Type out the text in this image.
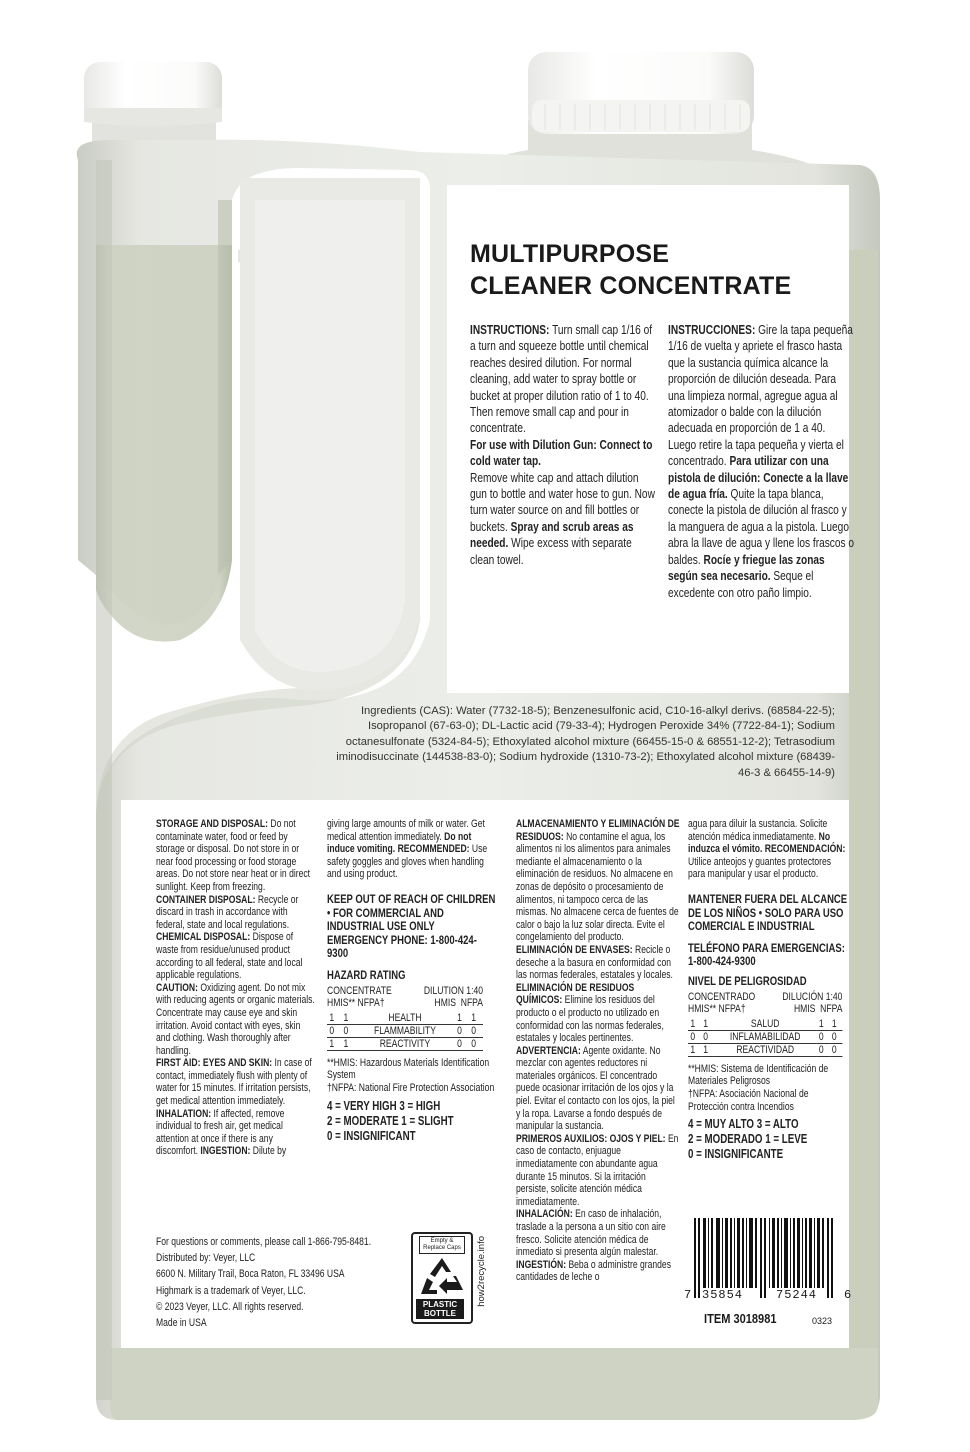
MULTIPURPOSE
CLEANER CONCENTRATE
INSTRUCTIONS: Turn small cap 1/16 of a turn and squeeze bottle until chemical reaches desired dilution. For normal cleaning, add water to spray bottle or bucket at proper dilution ratio of 1 to 40. Then remove small cap and pour in concentrate.
For use with Dilution Gun: Connect to cold water tap.
Remove white cap and attach dilution gun to bottle and water hose to gun. Now turn water source on and fill bottles or buckets. Spray and scrub areas as needed. Wipe excess with separate clean towel.
INSTRUCCIONES: Gire la tapa pequeña 1/16 de vuelta y apriete el frasco hasta que la sustancia química alcance la proporción de dilución deseada. Para una limpieza normal, agregue agua al atomizador o balde con la dilución adecuada en proporción de 1 a 40. Luego retire la tapa pequeña y vierta el concentrado. Para utilizar con una pistola de dilución: Conecte a la llave de agua fría. Quite la tapa blanca, conecte la pistola de dilución al frasco y la manguera de agua a la pistola. Luego abra la llave de agua y llene los frascos o baldes. Rocíe y friegue las zonas según sea necesario. Seque el excedente con otro paño limpio.
Ingredients (CAS): Water (7732-18-5); Benzenesulfonic acid, C10-16-alkyl derivs. (68584-22-5); Isopropanol (67-63-0); DL-Lactic acid (79-33-4); Hydrogen Peroxide 34% (7722-84-1); Sodium octanesulfonate (5324-84-5); Ethoxylated alcohol mixture (66455-15-0 & 68551-12-2); Tetrasodium iminodisuccinate (144538-83-0); Sodium hydroxide (1310-73-2); Ethoxylated alcohol mixture (68439-46-3 & 66455-14-9)

STORAGE AND DISPOSAL: Do not contaminate water, food or feed by storage or disposal. Do not store in or near food processing or food storage areas. Do not store near heat or in direct sunlight. Keep from freezing.

CONTAINER DISPOSAL: Recycle or discard in trash in accordance with federal, state and local regulations.

CHEMICAL DISPOSAL: Dispose of waste from residue/unused product according to all federal, state and local applicable regulations.

CAUTION: Oxidizing agent. Do not mix with reducing agents or organic materials. Concentrate may cause eye and skin irritation. Avoid contact with eyes, skin and clothing. Wash thoroughly after handling.

FIRST AID: EYES AND SKIN: In case of contact, immediately flush with plenty of water for 15 minutes. If irritation persists, get medical attention immediately.

INHALATION: If affected, remove individual to fresh air, get medical attention at once if there is any discomfort. INGESTION: Dilute by

giving large amounts of milk or water. Get medical attention immediately. Do not induce vomiting. RECOMMENDED: Use safety goggles and gloves when handling and using product.

KEEP OUT OF REACH OF CHILDREN • FOR COMMERCIAL AND INDUSTRIAL USE ONLY

EMERGENCY PHONE: 1-800-424-9300

HAZARD RATING

CONCENTRATE	DILUTION 1:40
HMIS** NFPA†	HMIS NFPA
1	1	HEALTH	1	1
0	0	FLAMMABILITY	0	0
1	1	REACTIVITY	0	0

**HMIS: Hazardous Materials Identification System

†NFPA: National Fire Protection Association

4 = VERY HIGH 3 = HIGH

2 = MODERATE 1 = SLIGHT

0 = INSIGNIFICANT

For questions or comments, please call 1-866-795-8481.

Distributed by: Veyer, LLC

6600 N. Military Trail, Boca Raton, FL 33496 USA

Highmark is a trademark of Veyer, LLC.

© 2023 Veyer, LLC. All rights reserved.

Made in USA

Empty & Replace Caps
PLASTIC
BOTTLE
how2recycle.info

ALMACENAMIENTO Y ELIMINACIÓN DE RESIDUOS: No contamine el agua, los alimentos ni los alimentos para animales mediante el almacenamiento o la eliminación de residuos. No almacene en zonas de depósito o procesamiento de alimentos, ni tampoco cerca de las mismas. No almacene cerca de fuentes de calor o bajo la luz solar directa. Evite el congelamiento del producto.

ELIMINACIÓN DE ENVASES: Recicle o deseche a la basura en conformidad con las normas federales, estatales y locales.

ELIMINACIÓN DE RESIDUOS QUÍMICOS: Elimine los residuos del producto o el producto no utilizado en conformidad con las normas federales, estatales y locales pertinentes.

ADVERTENCIA: Agente oxidante. No mezclar con agentes reductores ni materiales orgánicos. El concentrado puede ocasionar irritación de los ojos y la piel. Evitar el contacto con los ojos, la piel y la ropa. Lavarse a fondo después de manipular la sustancia.

PRIMEROS AUXILIOS: OJOS Y PIEL: En caso de contacto, enjuague inmediatamente con abundante agua durante 15 minutos. Si la irritación persiste, solicite atención médica inmediatamente.

INHALACIÓN: En caso de inhalación, traslade a la persona a un sitio con aire fresco. Solicite atención médica de inmediato si presenta algún malestar. INGESTIÓN: Beba o administre grandes cantidades de leche o

agua para diluir la sustancia. Solicite atención médica inmediatamente. No induzca el vómito. RECOMENDACIÓN: Utilice anteojos y guantes protectores para manipular y usar el producto.

MANTENER FUERA DEL ALCANCE DE LOS NIÑOS • SOLO PARA USO COMERCIAL E INDUSTRIAL

TELÉFONO PARA EMERGENCIAS: 1-800-424-9300

NIVEL DE PELIGROSIDAD

CONCENTRADO DILUCIÓN 1:40
HMIS** NFPA†	HMIS NFPA
1	1	SALUD	1	1
0	0	INFLAMABILIDAD	0	0
1	1	REACTIVIDAD	0	0

**HMIS: Sistema de Identificación de Materiales Peligrosos

†NFPA: Asociación Nacional de Protección contra Incendios

4 = MUY ALTO 3 = ALTO

2 = MODERADO 1 = LEVE

0 = INSIGNIFICANTE

7 35854	75244 6
ITEM 3018981	0323
